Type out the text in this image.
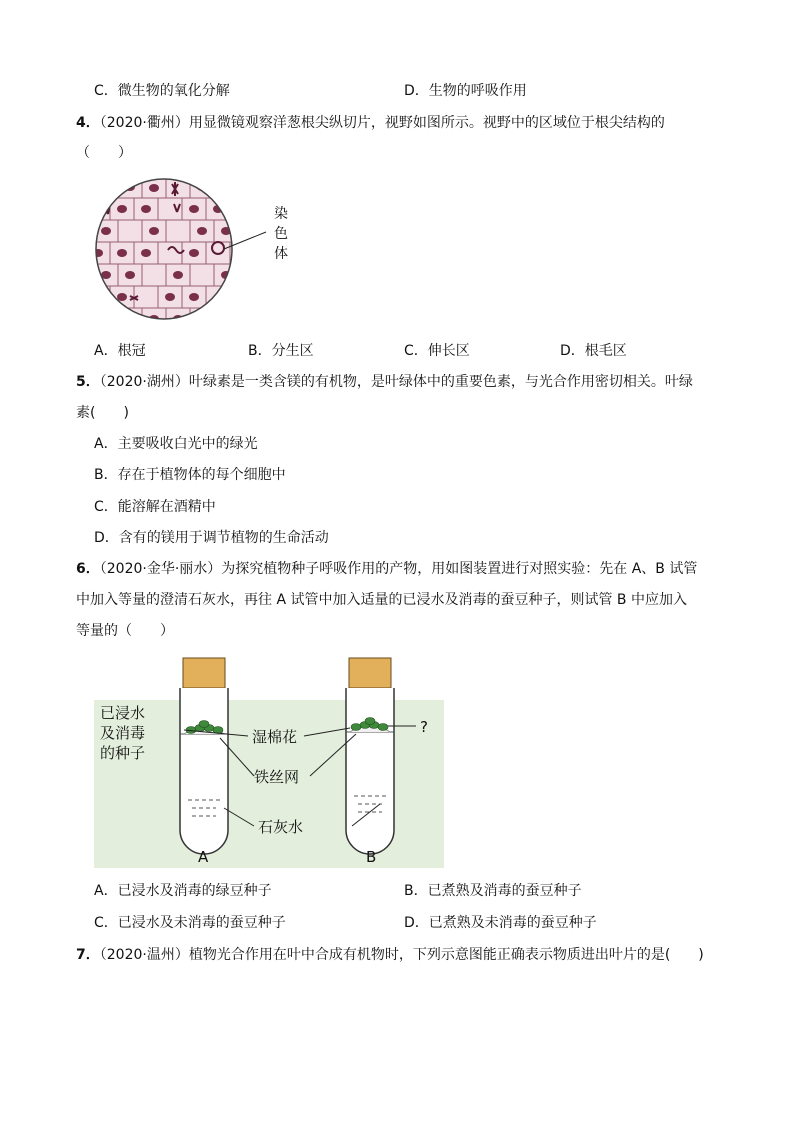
C．微生物的氧化分解	D．生物的呼吸作用
4．（2020·衢州）用显微镜观察洋葱根尖纵切片，视野如图所示。视野中的区域位于根尖结构的
（　　）
染
色
体
A．根冠	B．分生区	C．伸长区	D．根毛区
5．（2020·湖州）叶绿素是一类含镁的有机物，是叶绿体中的重要色素，与光合作用密切相关。叶绿
素(　　)
A．主要吸收白光中的绿光
B．存在于植物体的每个细胞中
C．能溶解在酒精中
D．含有的镁用于调节植物的生命活动
6．（2020·金华·丽水）为探究植物种子呼吸作用的产物，用如图装置进行对照实验：先在 A、B 试管
中加入等量的澄清石灰水，再往 A 试管中加入适量的已浸水及消毒的蚕豆种子，则试管 B 中应加入
等量的（　　）
已浸水
及消毒
的种子
湿棉花
铁丝网
石灰水
?
A	B
A．已浸水及消毒的绿豆种子	B．已煮熟及消毒的蚕豆种子
C．已浸水及未消毒的蚕豆种子	D．已煮熟及未消毒的蚕豆种子
7．（2020·温州）植物光合作用在叶中合成有机物时，下列示意图能正确表示物质进出叶片的是(　　)
